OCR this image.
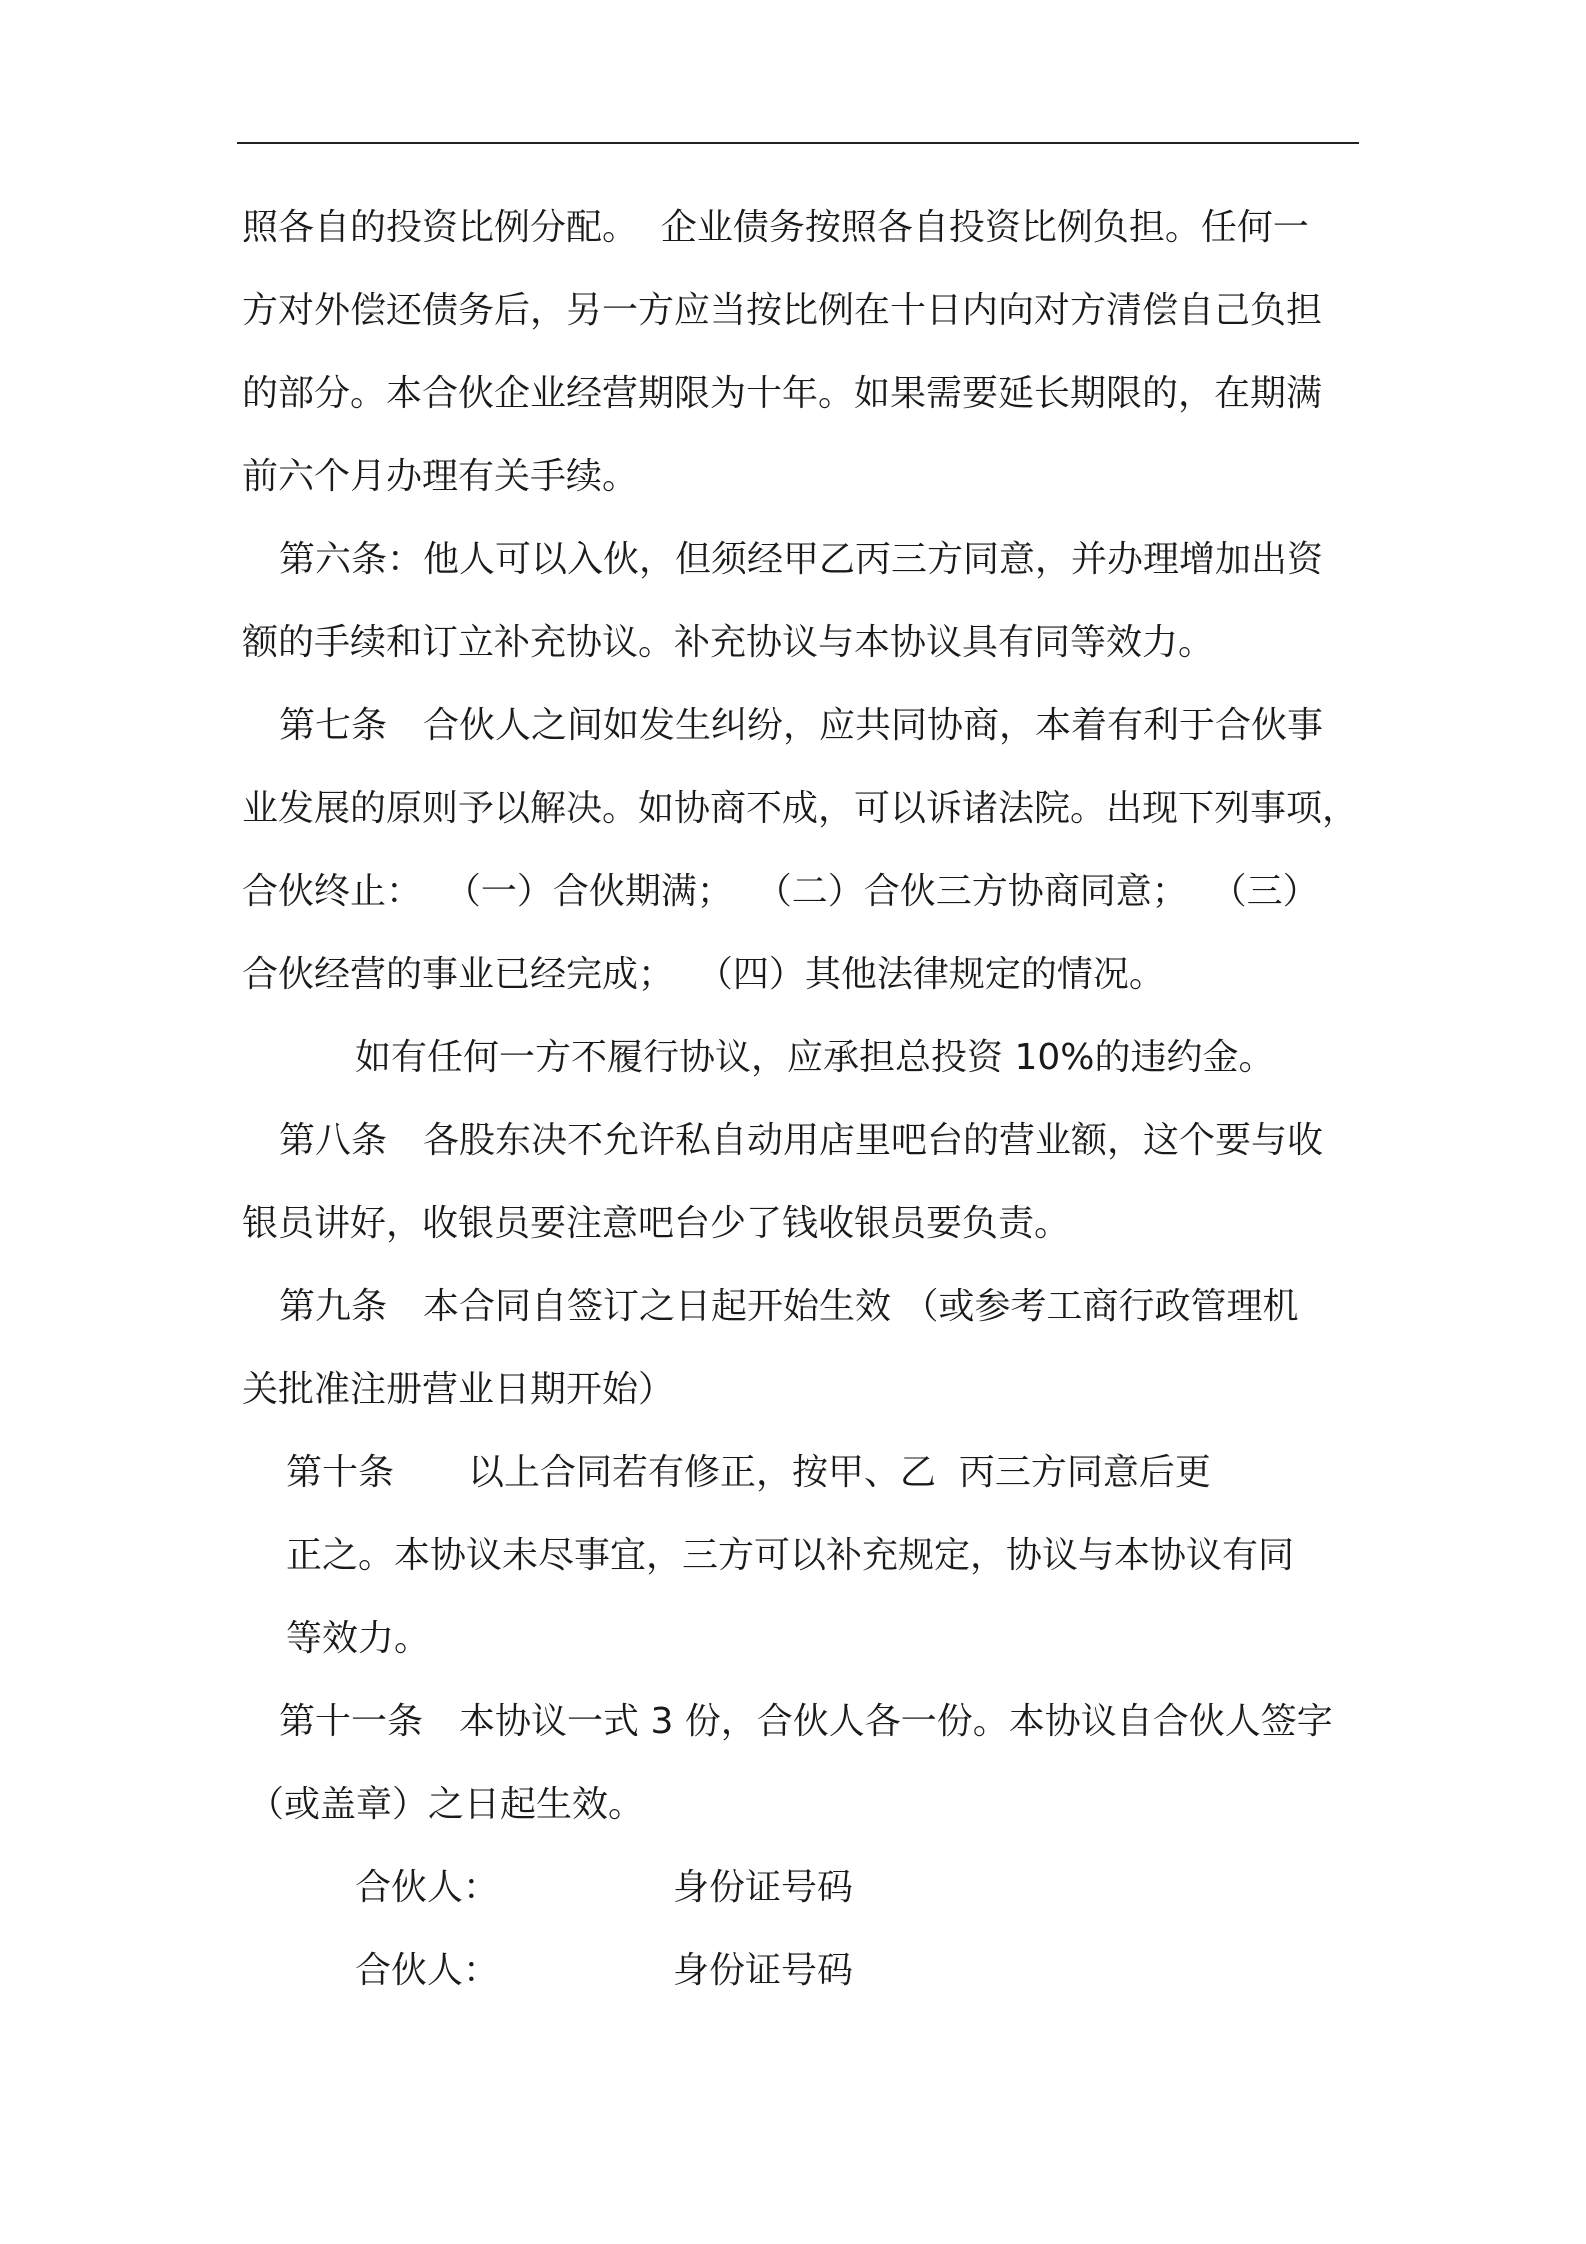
照各自的投资比例分配。  企业债务按照各自投资比例负担。任何一
方对外偿还债务后，另一方应当按比例在十日内向对方清偿自己负担
的部分。本合伙企业经营期限为十年。如果需要延长期限的，在期满
前六个月办理有关手续。
第六条：他人可以入伙，但须经甲乙丙三方同意，并办理增加出资
额的手续和订立补充协议。补充协议与本协议具有同等效力。
第七条　合伙人之间如发生纠纷，应共同协商，本着有利于合伙事
业发展的原则予以解决。如协商不成，可以诉诸法院。出现下列事项，
合伙终止：  （一）合伙期满；  （二）合伙三方协商同意；  （三）
合伙经营的事业已经完成；  （四）其他法律规定的情况。
如有任何一方不履行协议，应承担总投资 10%的违约金。
第八条　各股东决不允许私自动用店里吧台的营业额，这个要与收
银员讲好，收银员要注意吧台少了钱收银员要负责。
第九条　本合同自签订之日起开始生效 （或参考工商行政管理机
关批准注册营业日期开始）
第十条 以上合同若有修正，按甲、乙  丙三方同意后更
正之。本协议未尽事宜，三方可以补充规定，协议与本协议有同
等效力。
第十一条　本协议一式 3 份，合伙人各一份。本协议自合伙人签字
（或盖章）之日起生效。
合伙人：	身份证号码
合伙人：	身份证号码
